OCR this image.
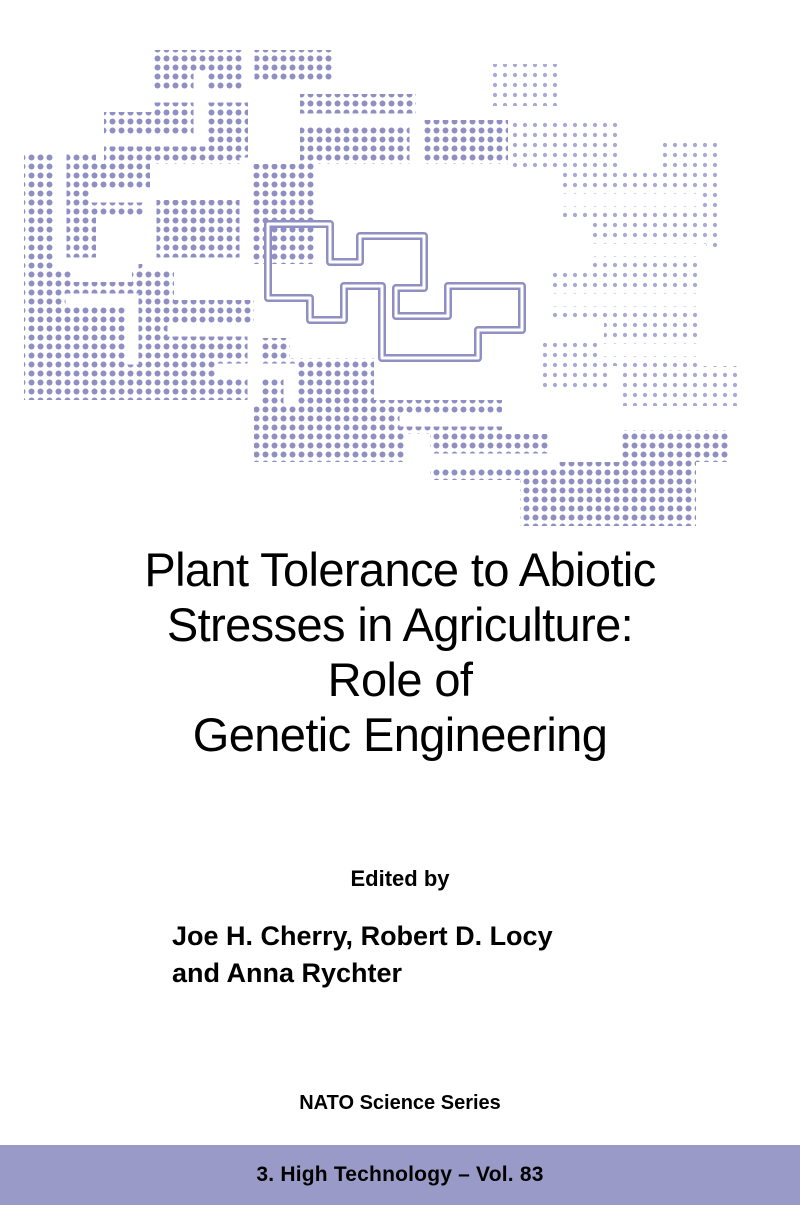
Plant Tolerance to Abiotic
Stresses in Agriculture:
Role of
Genetic Engineering
Edited by
Joe H. Cherry, Robert D. Locy
and Anna Rychter
NATO Science Series
3. High Technology – Vol. 83
